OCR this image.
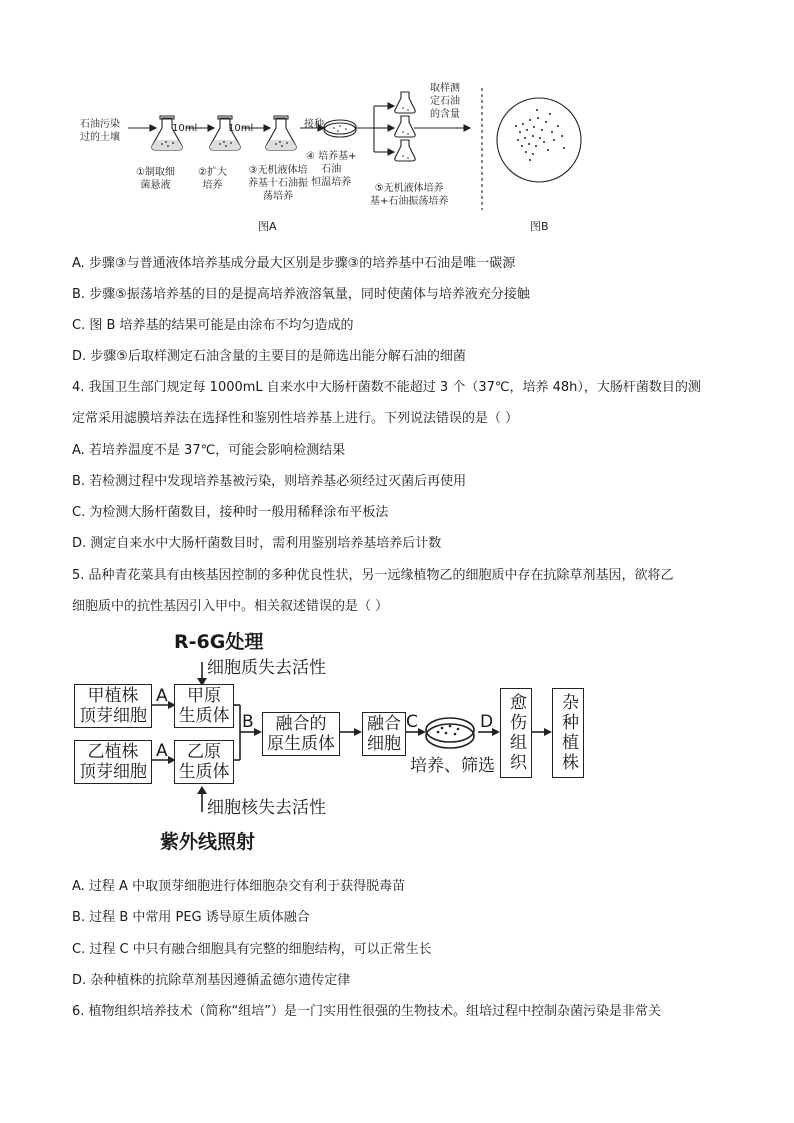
石油污染
过的土壤
10ml	10ml	接种
①制取细
菌悬液
②扩大
培养
③无机液体培
养基十石油振
荡培养
④ 培养基+
石油
恒温培养
⑤无机液体培养
基+石油振荡培养
取样测
定石油
的含量
图A	图B
A. 步骤③与普通液体培养基成分最大区别是步骤③的培养基中石油是唯一碳源
B. 步骤⑤振荡培养基的目的是提高培养液溶氧量，同时使菌体与培养液充分接触
C. 图 B 培养基的结果可能是由涂布不均匀造成的
D. 步骤⑤后取样测定石油含量的主要目的是筛选出能分解石油的细菌
4. 我国卫生部门规定每 1000mL 自来水中大肠杆菌数不能超过 3 个（37℃，培养 48h），大肠杆菌数目的测
定常采用滤膜培养法在选择性和鉴别性培养基上进行。下列说法错误的是（ ）
A. 若培养温度不是 37℃，可能会影响检测结果
B. 若检测过程中发现培养基被污染，则培养基必须经过灭菌后再使用
C. 为检测大肠杆菌数目，接种时一般用稀释涂布平板法
D. 测定自来水中大肠杆菌数目时，需利用鉴别培养基培养后计数
5. 品种青花菜具有由核基因控制的多种优良性状，另一远缘植物乙的细胞质中存在抗除草剂基因，欲将乙
细胞质中的抗性基因引入甲中。相关叙述错误的是（ ）
R-6G处理
细胞质失去活性
甲植株
顶芽细胞
A	甲原
生质体
乙植株
顶芽细胞
A	乙原
生质体
B	融合的
原生质体
融合
细胞
C
培养、筛选
D 愈伤组织	杂种植株
细胞核失去活性
紫外线照射
A. 过程 A 中取顶芽细胞进行体细胞杂交有利于获得脱毒苗
B. 过程 B 中常用 PEG 诱导原生质体融合
C. 过程 C 中只有融合细胞具有完整的细胞结构，可以正常生长
D. 杂种植株的抗除草剂基因遵循孟德尔遗传定律
6. 植物组织培养技术（简称“组培”）是一门实用性很强的生物技术。组培过程中控制杂菌污染是非常关
